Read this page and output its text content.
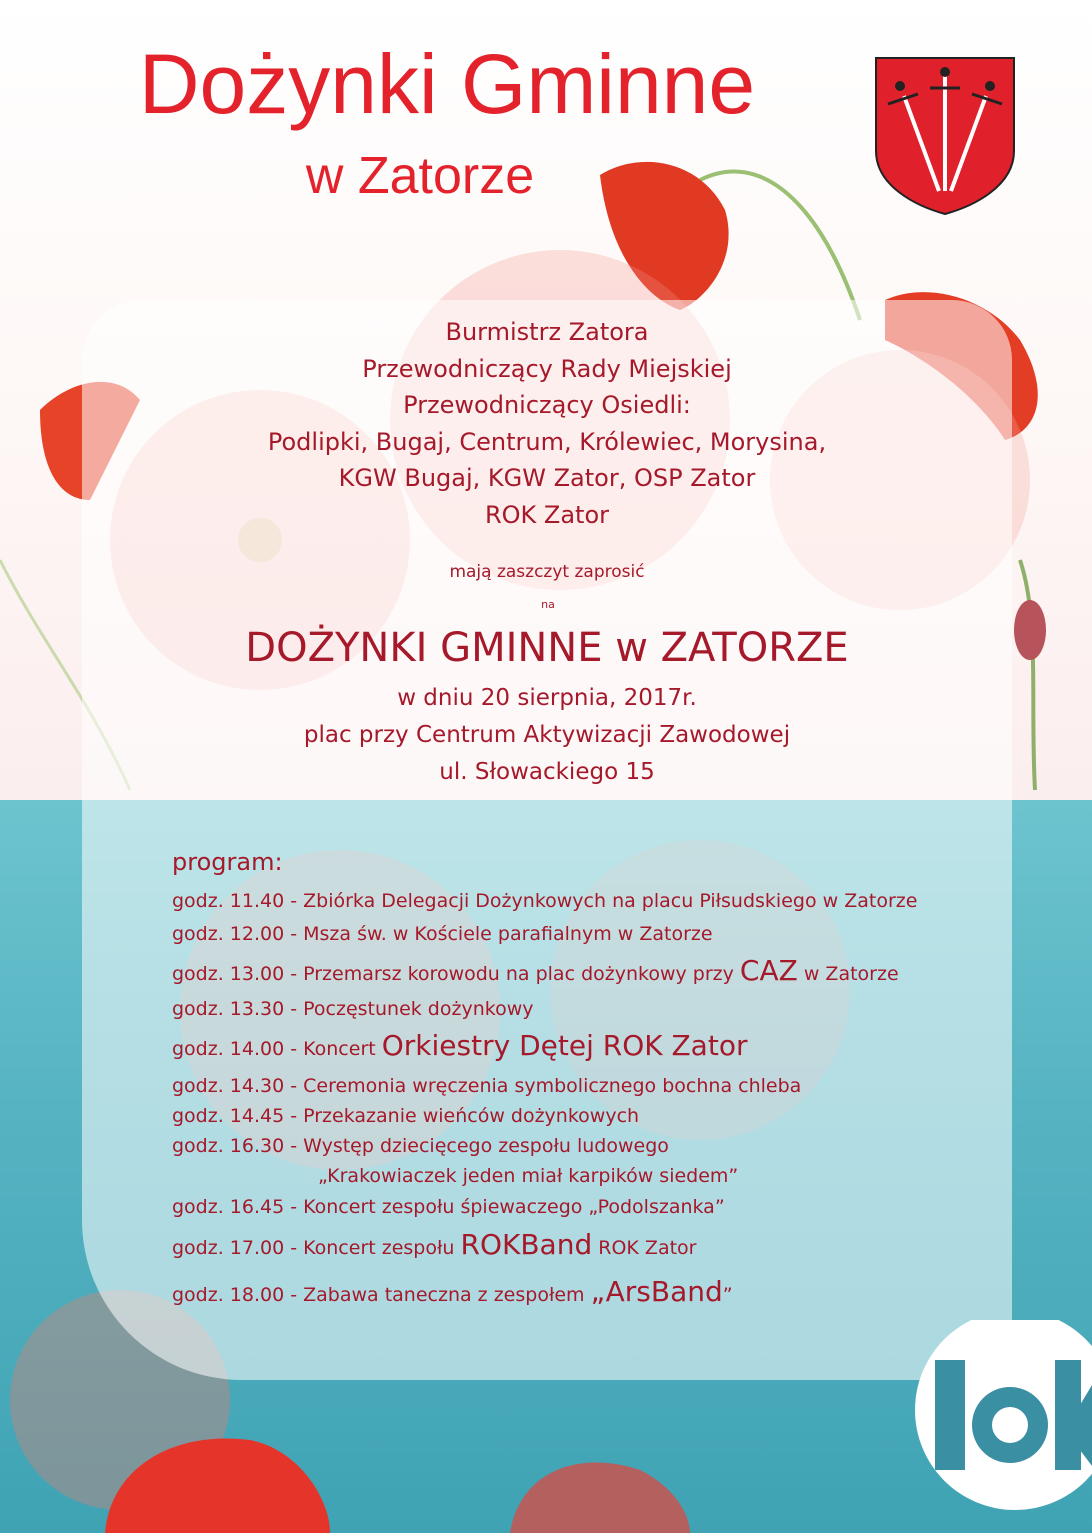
Dożynki Gminne
w Zatorze
Burmistrz Zatora
Przewodniczący Rady Miejskiej
Przewodniczący Osiedli:
Podlipki, Bugaj, Centrum, Królewiec, Morysina,
KGW Bugaj, KGW Zator, OSP Zator
ROK Zator
mają zaszczyt zaprosić
na
DOŻYNKI GMINNE w ZATORZE
w dniu 20 sierpnia, 2017r.
plac przy Centrum Aktywizacji Zawodowej
ul. Słowackiego 15
program:
godz. 11.40 - Zbiórka Delegacji Dożynkowych na placu Piłsudskiego w Zatorze
godz. 12.00 - Msza św. w Kościele parafialnym w Zatorze
godz. 13.00 - Przemarsz korowodu na plac dożynkowy przy CAZ w Zatorze
godz. 13.30 - Poczęstunek dożynkowy
godz. 14.00 - Koncert Orkiestry Dętej ROK Zator
godz. 14.30 - Ceremonia wręczenia symbolicznego bochna chleba
godz. 14.45 - Przekazanie wieńców dożynkowych
godz. 16.30 - Występ dziecięcego zespołu ludowego
„Krakowiaczek jeden miał karpików siedem”
godz. 16.45 - Koncert zespołu śpiewaczego „Podolszanka”
godz. 17.00 - Koncert zespołu ROKBand ROK Zator
godz. 18.00 - Zabawa taneczna z zespołem „ArsBand”
